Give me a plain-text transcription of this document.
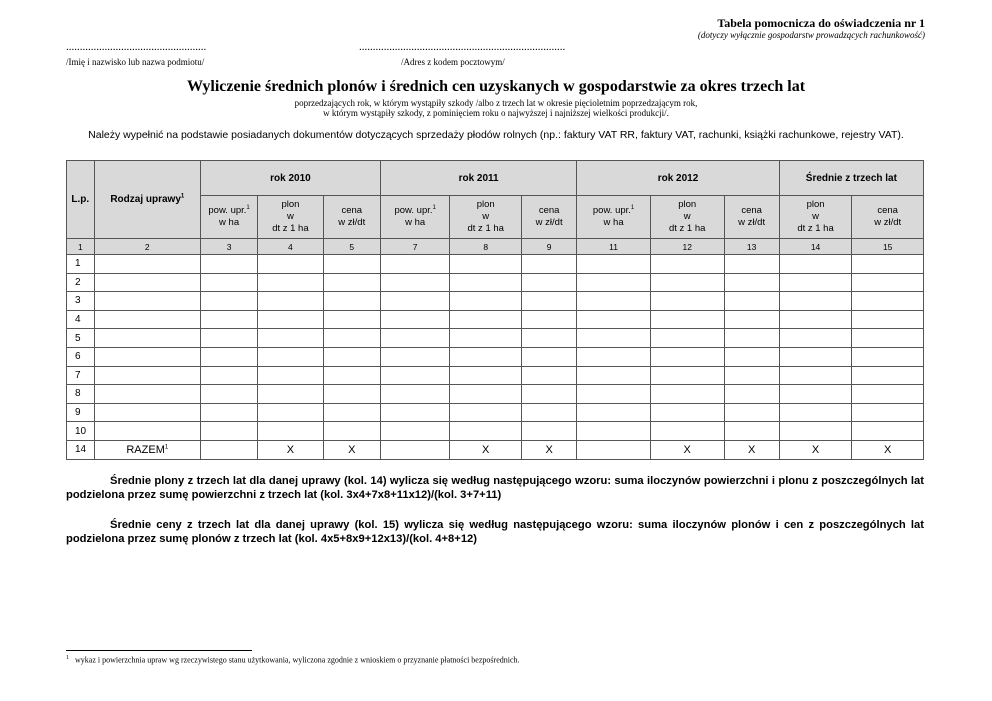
Tabela pomocnicza do oświadczenia nr 1
(dotyczy wyłącznie gospodarstw prowadzących rachunkowość)
...................................................
/Imię i nazwisko lub nazwa podmiotu/
...........................................................................
/Adres z kodem pocztowym/
Wyliczenie średnich plonów i średnich cen uzyskanych w gospodarstwie za okres trzech lat
poprzedzających rok, w którym wystąpiły szkody /albo z trzech lat w okresie pięcioletnim poprzedzającym rok,
w którym wystąpiły szkody, z pominięciem roku o najwyższej i najniższej wielkości produkcji/.
Należy wypełnić na podstawie posiadanych dokumentów dotyczących sprzedaży płodów rolnych (np.: faktury VAT RR, faktury VAT, rachunki, książki rachunkowe, rejestry VAT).
L.p.	Rodzaj uprawy$^1$	rok 2010			rok 2011			rok 2012			Średnie z trzech lat	
		pow. upr.$^1$
w ha	plon
w
dt z 1 ha	cena
w zł/dt	pow. upr.$^1$
w ha	plon
w
dt z 1 ha	cena
w zł/dt	pow. upr.$^1$
w ha	plon
w
dt z 1 ha	cena
w zł/dt	plon
w
dt z 1 ha	cena
w zł/dt
1	2	3	4	5	7	8	9	11	12	13	14	15
1												
2												
3												
4												
5												
6												
7												
8												
9												
10												
14	RAZEM$^1$		X	X		X	X		X	X	X	X
Średnie plony z trzech lat dla danej uprawy (kol. 14) wylicza się według następującego wzoru: suma iloczynów powierzchni i plonu z poszczególnych lat podzielona przez sumę powierzchni z trzech lat (kol. 3x4+7x8+11x12)/(kol. 3+7+11)
Średnie ceny z trzech lat dla danej uprawy (kol. 15) wylicza się według następującego wzoru: suma iloczynów plonów i cen z poszczególnych lat podzielona przez sumę plonów z trzech lat (kol. 4x5+8x9+12x13)/(kol. 4+8+12)
$^1$ wykaz i powierzchnia upraw wg rzeczywistego stanu użytkowania, wyliczona zgodnie z wnioskiem o przyznanie płatności bezpośrednich.
